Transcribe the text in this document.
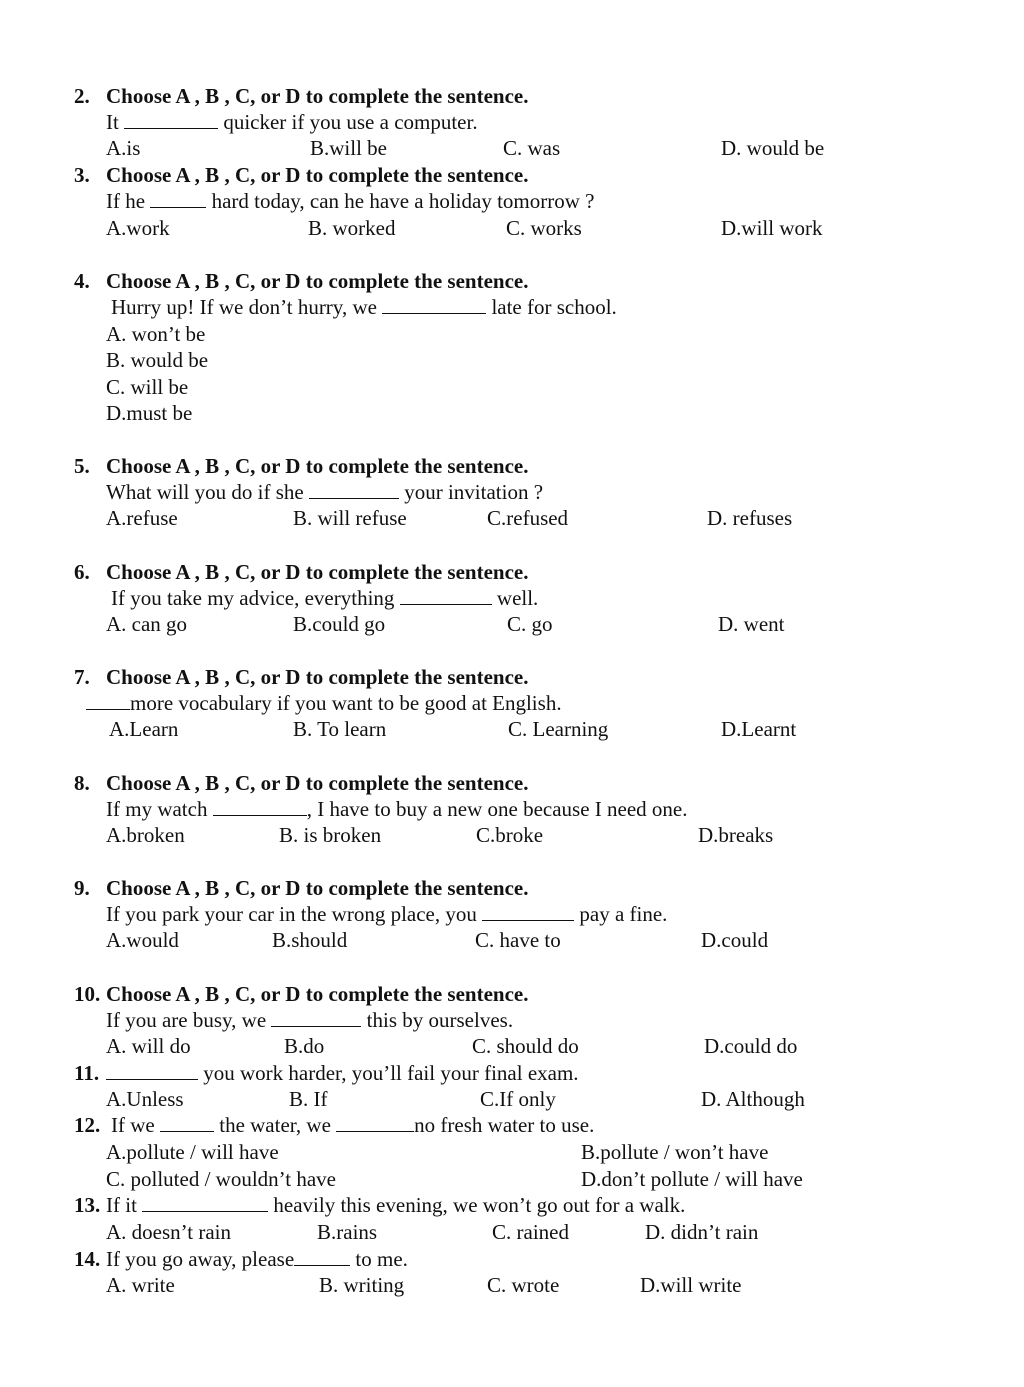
2. Choose A , B , C, or D to complete the sentence.
It	quicker if you use a computer.
A.is	B.will be	C. was	D. would be
3. Choose A , B , C, or D to complete the sentence.
If he	hard today, can he have a holiday tomorrow ?
A.work	B. worked	C. works	D.will work
4. Choose A , B , C, or D to complete the sentence.
Hurry up! If we don’t hurry, we	late for school.
A. won’t be
B. would be
C. will be
D.must be
5. Choose A , B , C, or D to complete the sentence.
What will you do if she	your invitation ?
A.refuse	B. will refuse	C.refused	D. refuses
6. Choose A , B , C, or D to complete the sentence.
If you take my advice, everything	well.
A. can go	B.could go	C. go	D. went
7. Choose A , B , C, or D to complete the sentence.
more vocabulary if you want to be good at English.
A.Learn	B. To learn	C. Learning	D.Learnt
8. Choose A , B , C, or D to complete the sentence.
If my watch	, I have to buy a new one because I need one.
A.broken	B. is broken	C.broke	D.breaks
9. Choose A , B , C, or D to complete the sentence.
If you park your car in the wrong place, you	pay a fine.
A.would	B.should	C. have to	D.could
10. Choose A , B , C, or D to complete the sentence.
If you are busy, we	this by ourselves.
A. will do	B.do	C. should do	D.could do
11.	you work harder, you’ll fail your final exam.
A.Unless	B. If	C.If only	D. Although
12. If we	the water, we	no fresh water to use.
A.pollute / will have	B.pollute / won’t have
C. polluted / wouldn’t have	D.don’t pollute / will have
13. If it	heavily this evening, we won’t go out for a walk.
A. doesn’t rain	B.rains	C. rained	D. didn’t rain
14. If you go away, please	to me.
A. write	B. writing	C. wrote	D.will write
